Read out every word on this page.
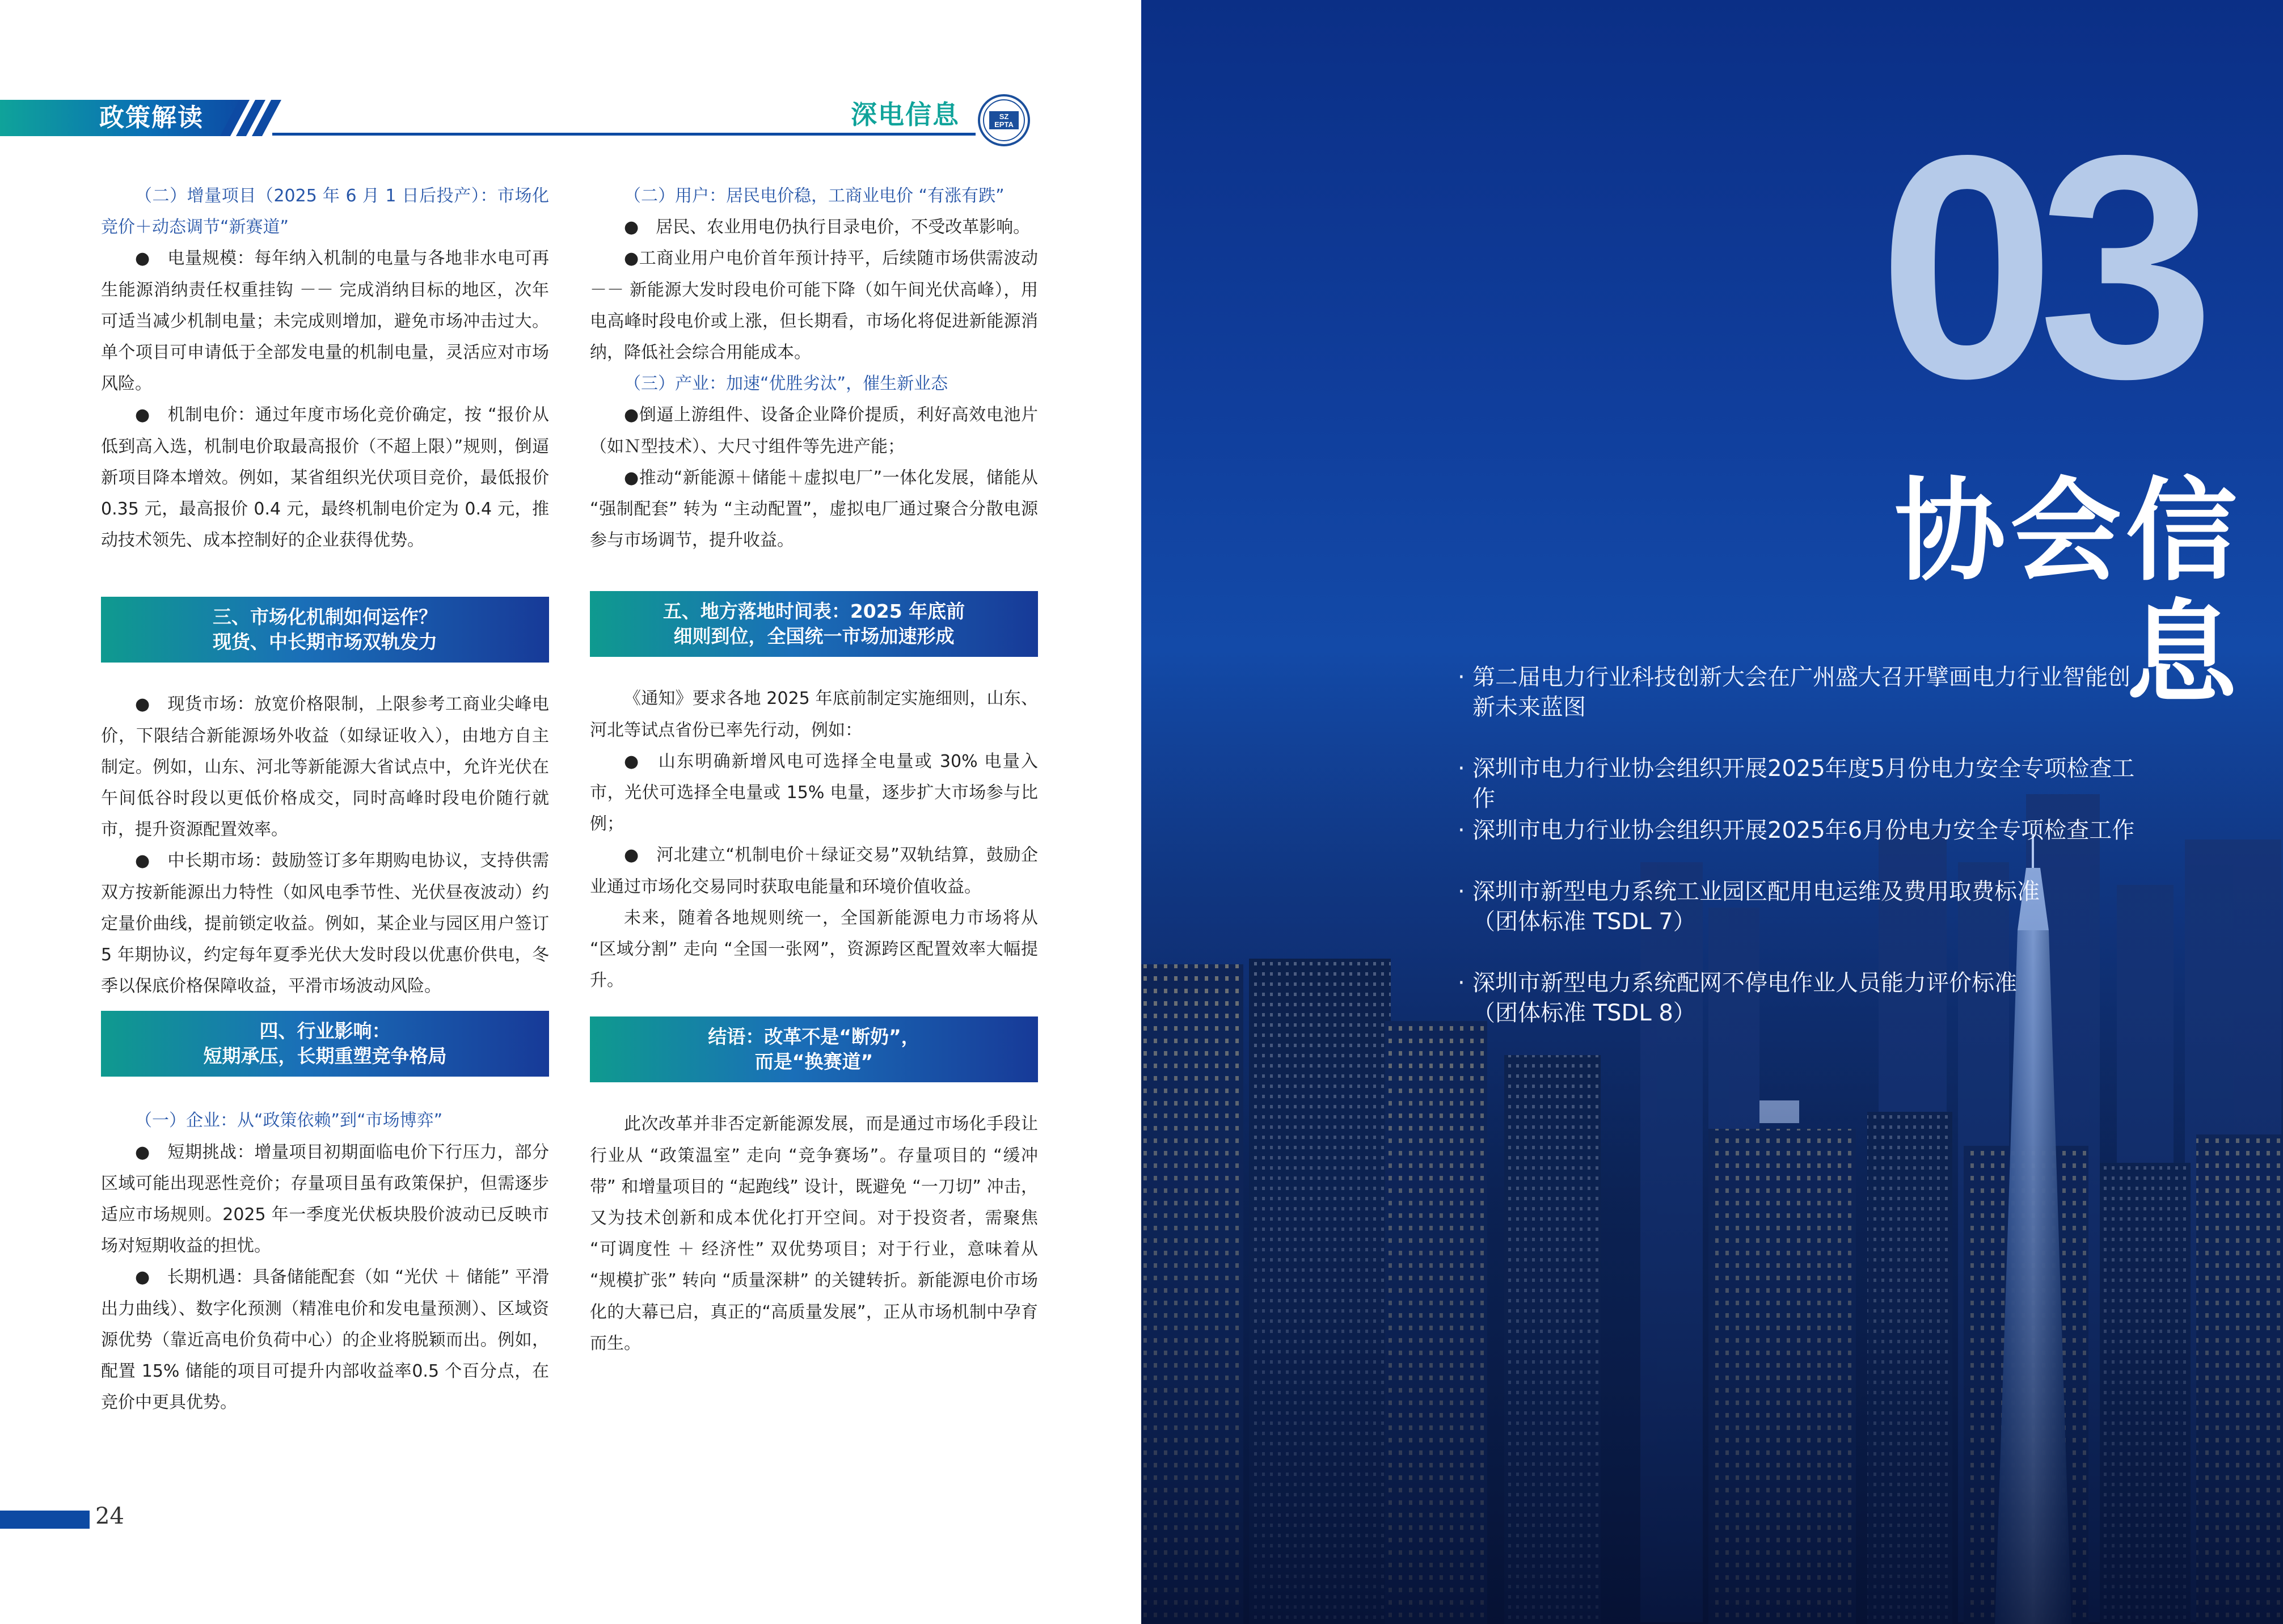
政策解读	深电信息	SZ
EPTA

（二）增量项目（2025 年 6 月 1 日后投产）：市场化竞价＋动态调节“新赛道”

●　电量规模：每年纳入机制的电量与各地非水电可再生能源消纳责任权重挂钩 －－ 完成消纳目标的地区，次年可适当减少机制电量；未完成则增加，避免市场冲击过大。单个项目可申请低于全部发电量的机制电量，灵活应对市场风险。

●　机制电价：通过年度市场化竞价确定，按 “报价从低到高入选，机制电价取最高报价（不超上限）”规则，倒逼新项目降本增效。例如，某省组织光伏项目竞价，最低报价 0.35 元，最高报价 0.4 元，最终机制电价定为 0.4 元，推动技术领先、成本控制好的企业获得优势。

三、市场化机制如何运作？
现货、中长期市场双轨发力

●　现货市场：放宽价格限制，上限参考工商业尖峰电价，下限结合新能源场外收益（如绿证收入），由地方自主制定。例如，山东、河北等新能源大省试点中，允许光伏在午间低谷时段以更低价格成交，同时高峰时段电价随行就市，提升资源配置效率。

●　中长期市场：鼓励签订多年期购电协议，支持供需双方按新能源出力特性（如风电季节性、光伏昼夜波动）约定量价曲线，提前锁定收益。例如，某企业与园区用户签订 5 年期协议，约定每年夏季光伏大发时段以优惠价供电，冬季以保底价格保障收益，平滑市场波动风险。

四、行业影响：
短期承压，长期重塑竞争格局

（一）企业：从“政策依赖”到“市场博弈”

●　短期挑战：增量项目初期面临电价下行压力，部分区域可能出现恶性竞价；存量项目虽有政策保护，但需逐步适应市场规则。2025 年一季度光伏板块股价波动已反映市场对短期收益的担忧。

●　长期机遇：具备储能配套（如 “光伏 ＋ 储能” 平滑出力曲线）、数字化预测（精准电价和发电量预测）、区域资源优势（靠近高电价负荷中心）的企业将脱颖而出。例如，配置 15% 储能的项目可提升内部收益率0.5 个百分点，在竞价中更具优势。

（二）用户：居民电价稳，工商业电价 “有涨有跌”

●　居民、农业用电仍执行目录电价，不受改革影响。

●工商业用户电价首年预计持平，后续随市场供需波动 －－ 新能源大发时段电价可能下降（如午间光伏高峰），用电高峰时段电价或上涨，但长期看，市场化将促进新能源消纳，降低社会综合用能成本。

（三）产业：加速“优胜劣汰”，催生新业态

●倒逼上游组件、设备企业降价提质，利好高效电池片（如Ｎ型技术）、大尺寸组件等先进产能；

●推动“新能源＋储能＋虚拟电厂”一体化发展，储能从 “强制配套” 转为 “主动配置”，虚拟电厂通过聚合分散电源参与市场调节，提升收益。

五、地方落地时间表：2025 年底前
细则到位，全国统一市场加速形成

《通知》要求各地 2025 年底前制定实施细则，山东、河北等试点省份已率先行动，例如：

●　山东明确新增风电可选择全电量或 30% 电量入市，光伏可选择全电量或 15% 电量，逐步扩大市场参与比例；

●　河北建立“机制电价＋绿证交易”双轨结算，鼓励企业通过市场化交易同时获取电能量和环境价值收益。

未来，随着各地规则统一，全国新能源电力市场将从 “区域分割” 走向 “全国一张网”，资源跨区配置效率大幅提升。

结语：改革不是“断奶”，
而是“换赛道”

此次改革并非否定新能源发展，而是通过市场化手段让行业从 “政策温室” 走向 “竞争赛场”。存量项目的 “缓冲带” 和增量项目的 “起跑线” 设计，既避免 “一刀切” 冲击，又为技术创新和成本优化打开空间。对于投资者，需聚焦 “可调度性 ＋ 经济性” 双优势项目；对于行业，意味着从 “规模扩张” 转向 “质量深耕” 的关键转折。新能源电价市场化的大幕已启，真正的“高质量发展”，正从市场机制中孕育而生。

24
03
协会信息
· 第二届电力行业科技创新大会在广州盛大召开擘画电力行业智能创
新未来蓝图
· 深圳市电力行业协会组织开展2025年度5月份电力安全专项检查工作
· 深圳市电力行业协会组织开展2025年6月份电力安全专项检查工作
· 深圳市新型电力系统工业园区配用电运维及费用取费标准
（团体标准 TSDL 7）
· 深圳市新型电力系统配网不停电作业人员能力评价标准
（团体标准 TSDL 8）
